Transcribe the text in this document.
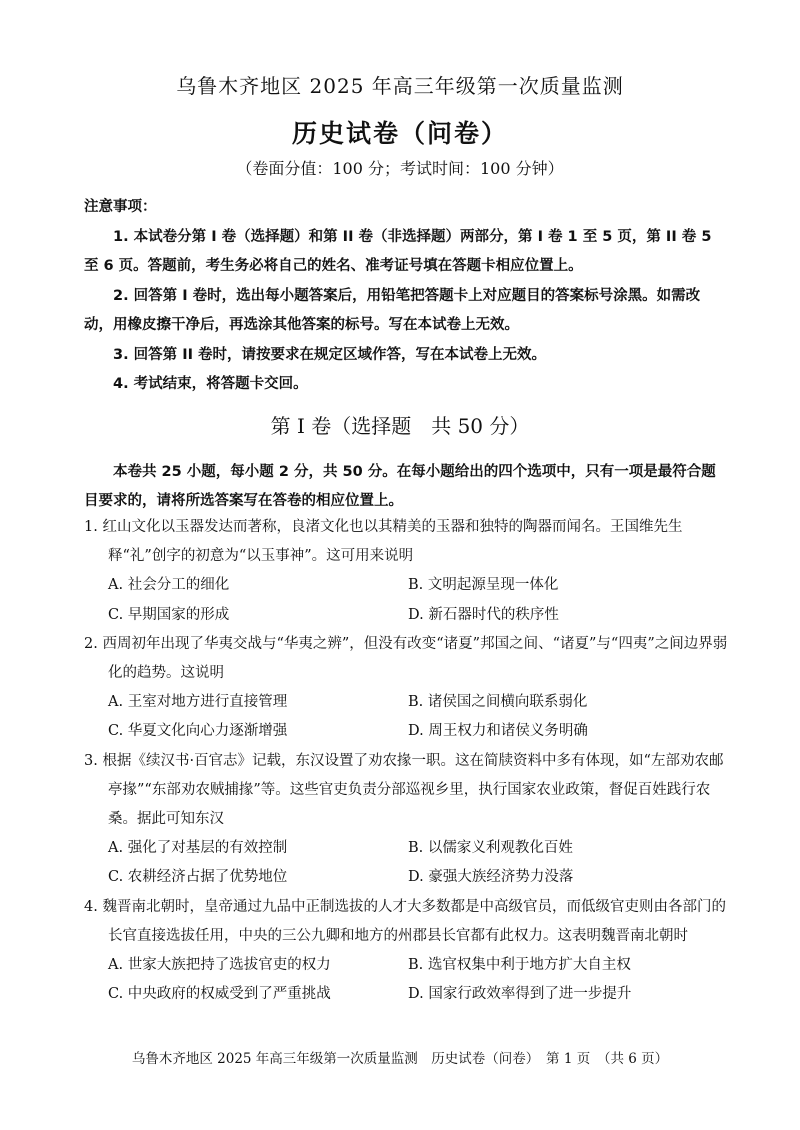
乌鲁木齐地区 2025 年高三年级第一次质量监测
历史试卷（问卷）
（卷面分值：100 分；考试时间：100 分钟）
注意事项：

1. 本试卷分第 I 卷（选择题）和第 II 卷（非选择题）两部分，第 I 卷 1 至 5 页，第 II 卷 5 至 6 页。答题前，考生务必将自己的姓名、准考证号填在答题卡相应位置上。

2. 回答第 I 卷时，选出每小题答案后，用铅笔把答题卡上对应题目的答案标号涂黑。如需改动，用橡皮擦干净后，再选涂其他答案的标号。写在本试卷上无效。

3. 回答第 II 卷时，请按要求在规定区域作答，写在本试卷上无效。

4. 考试结束，将答题卡交回。

第 I 卷（选择题　共 50 分）
本卷共 25 小题，每小题 2 分，共 50 分。在每小题给出的四个选项中，只有一项是最符合题目要求的，请将所选答案写在答卷的相应位置上。

1. 红山文化以玉器发达而著称，良渚文化也以其精美的玉器和独特的陶器而闻名。王国维先生释“礼”创字的初意为“以玉事神”。这可用来说明

A. 社会分工的细化	B. 文明起源呈现一体化
C. 早期国家的形成	D. 新石器时代的秩序性

2. 西周初年出现了华夷交战与“华夷之辨”，但没有改变“诸夏”邦国之间、“诸夏”与“四夷”之间边界弱化的趋势。这说明

A. 王室对地方进行直接管理	B. 诸侯国之间横向联系弱化
C. 华夏文化向心力逐渐增强	D. 周王权力和诸侯义务明确

3. 根据《续汉书·百官志》记载，东汉设置了劝农掾一职。这在简牍资料中多有体现，如“左部劝农邮亭掾”“东部劝农贼捕掾”等。这些官吏负责分部巡视乡里，执行国家农业政策，督促百姓践行农桑。据此可知东汉

A. 强化了对基层的有效控制	B. 以儒家义利观教化百姓
C. 农耕经济占据了优势地位	D. 豪强大族经济势力没落

4. 魏晋南北朝时，皇帝通过九品中正制选拔的人才大多数都是中高级官员，而低级官吏则由各部门的长官直接选拔任用，中央的三公九卿和地方的州郡县长官都有此权力。这表明魏晋南北朝时

A. 世家大族把持了选拔官吏的权力	B. 选官权集中利于地方扩大自主权
C. 中央政府的权威受到了严重挑战	D. 国家行政效率得到了进一步提升
乌鲁木齐地区 2025 年高三年级第一次质量监测　历史试卷（问卷）　第 1 页　（共 6 页）
